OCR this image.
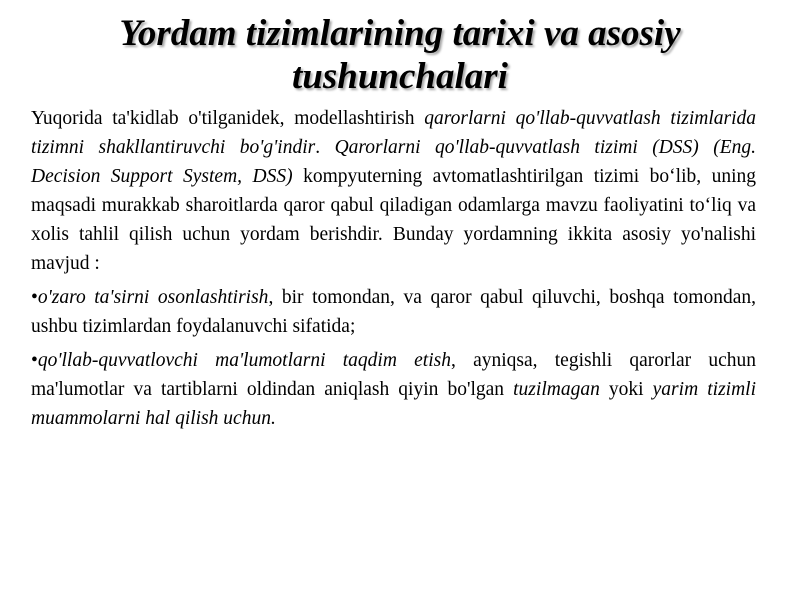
Yordam tizimlarining tarixi va asosiy tushunchalari

Yuqorida ta'kidlab o'tilganidek, modellashtirish qarorlarni qo'llab-quvvatlash tizimlarida tizimni shakllantiruvchi bo'g'indir. Qarorlarni qo'llab-quvvatlash tizimi (DSS) (Eng. Decision Support System, DSS) kompyuterning avtomatlashtirilgan tizimi bo‘lib, uning maqsadi murakkab sharoitlarda qaror qabul qiladigan odamlarga mavzu faoliyatini to‘liq va xolis tahlil qilish uchun yordam berishdir. Bunday yordamning ikkita asosiy yo'nalishi mavjud :

•o'zaro ta'sirni osonlashtirish, bir tomondan, va qaror qabul qiluvchi, boshqa tomondan, ushbu tizimlardan foydalanuvchi sifatida;

•qo'llab-quvvatlovchi ma'lumotlarni taqdim etish, ayniqsa, tegishli qarorlar uchun ma'lumotlar va tartiblarni oldindan aniqlash qiyin bo'lgan tuzilmagan yoki yarim tizimli muammolarni hal qilish uchun.
